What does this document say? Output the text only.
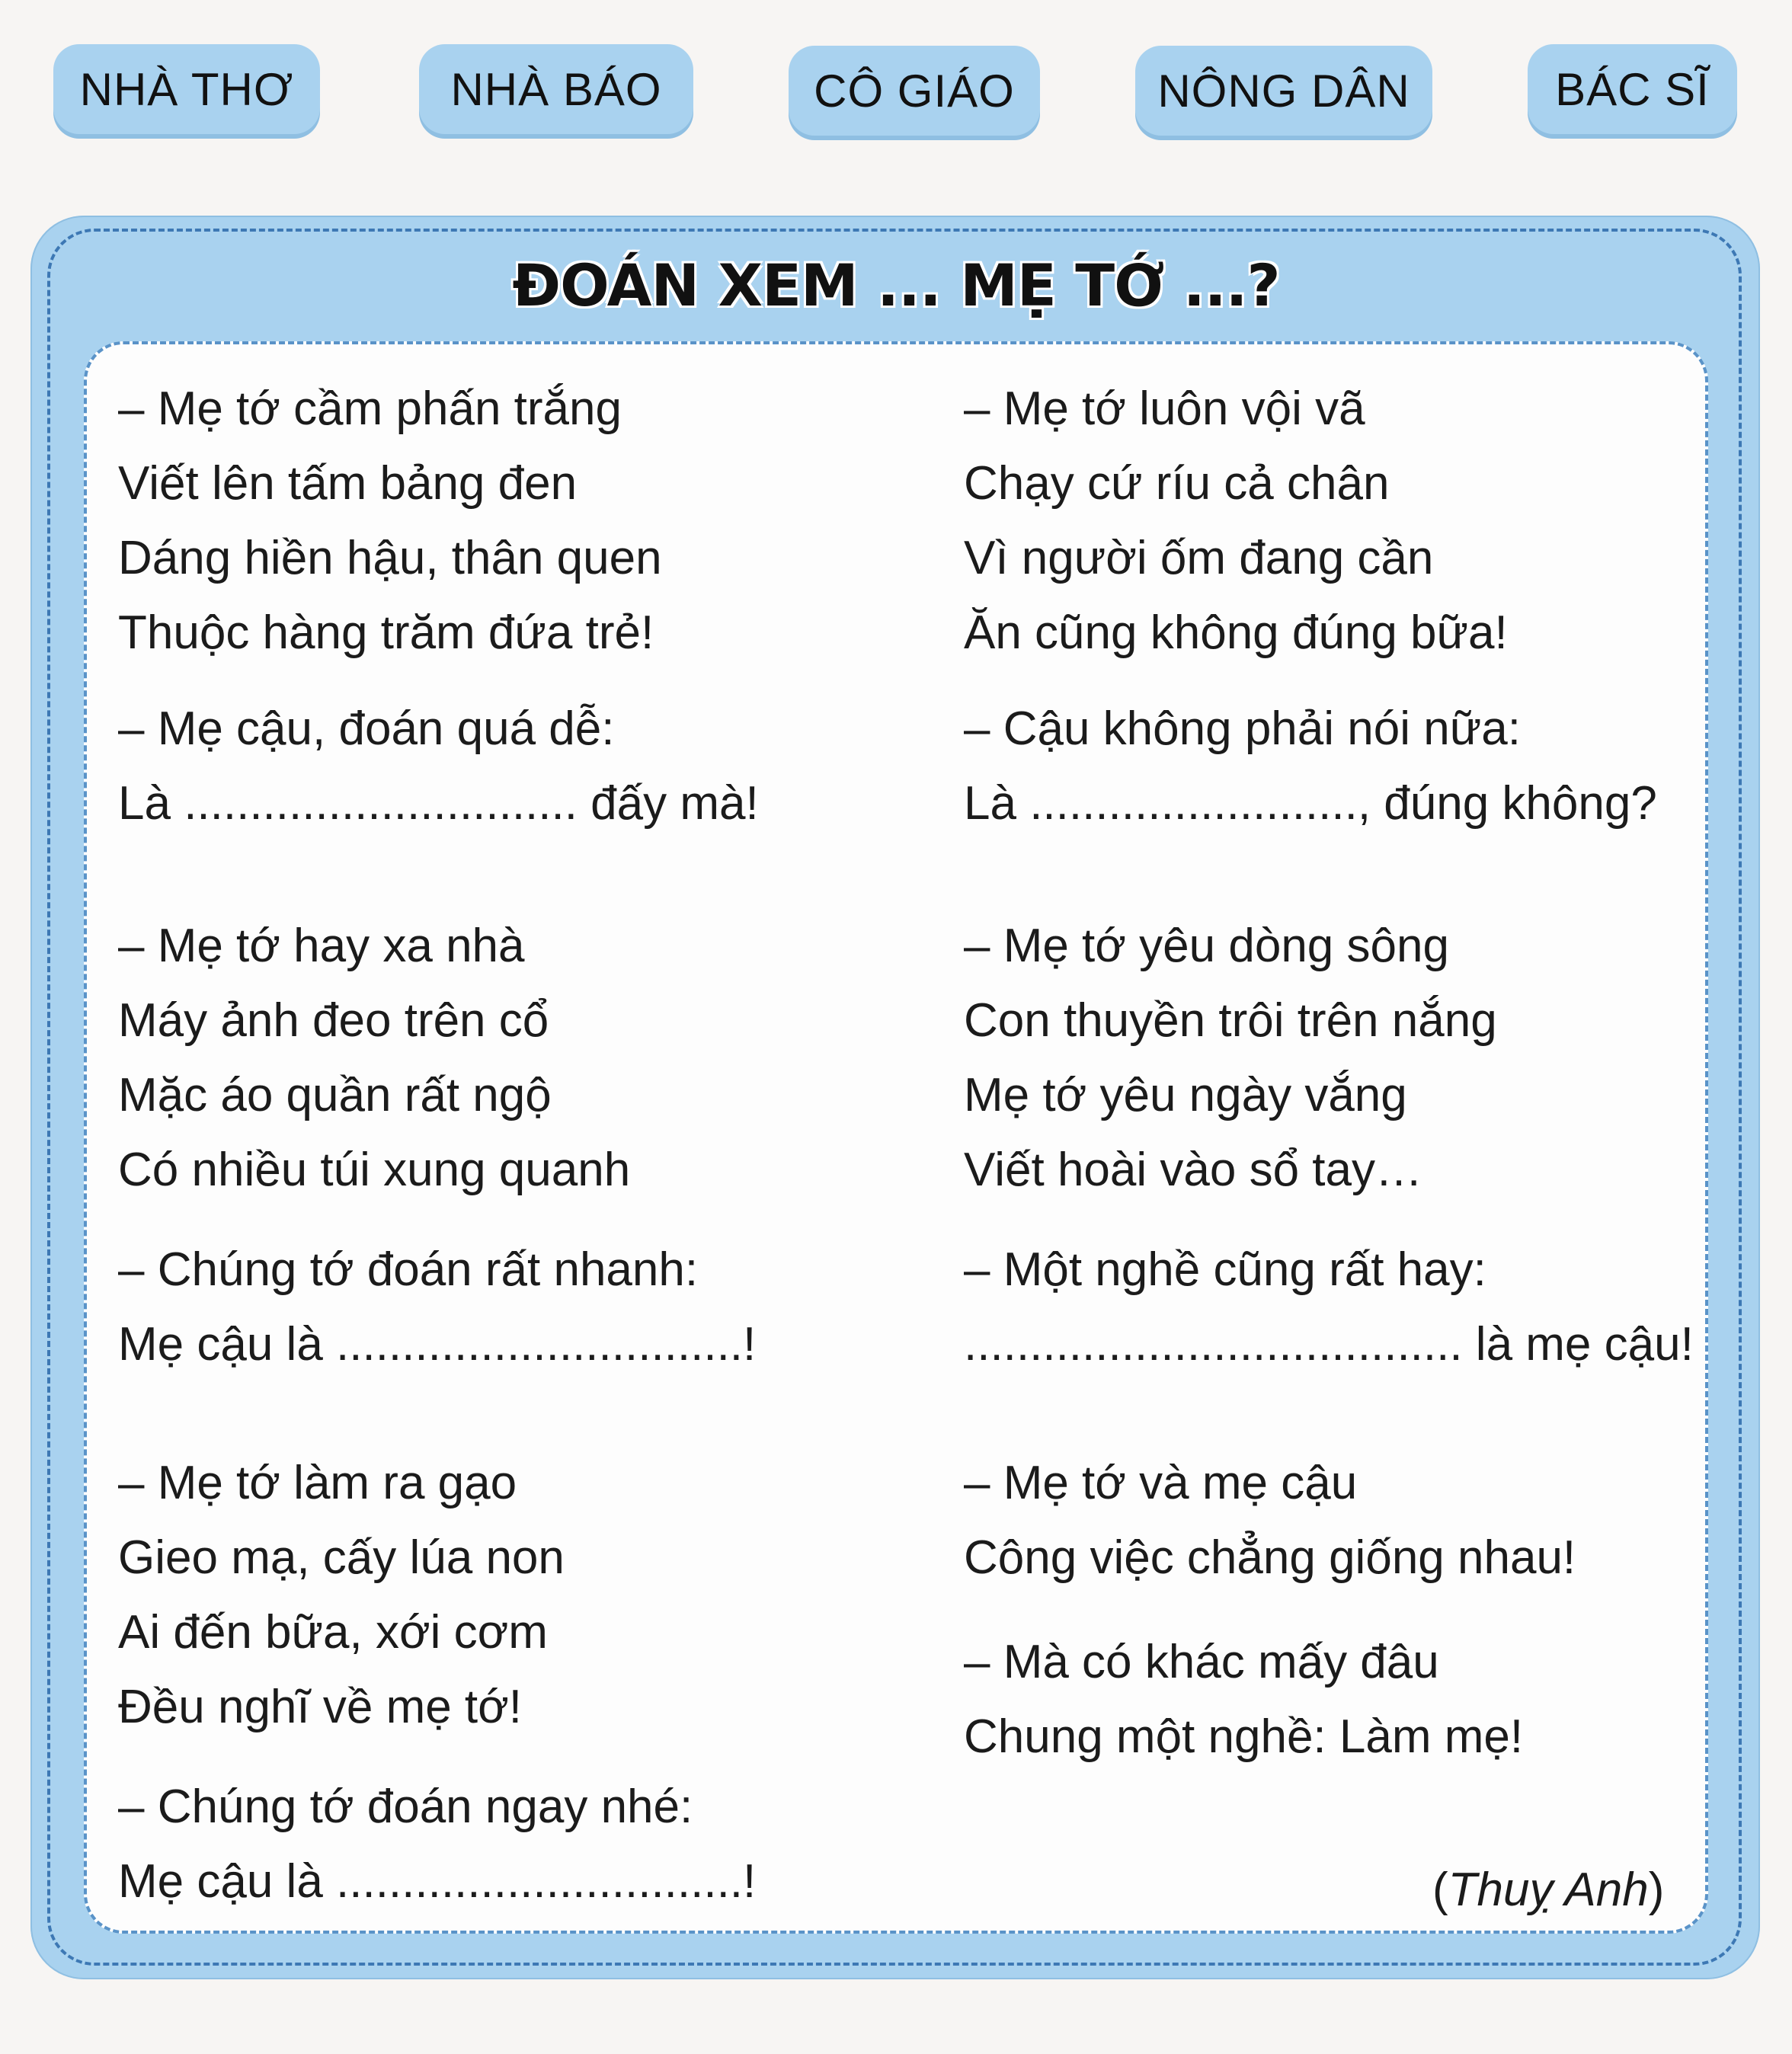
NHÀ THƠ	NHÀ BÁO	CÔ GIÁO	NÔNG DÂN	BÁC SĨ
ĐOÁN XEM ... MẸ TỚ ...?
– Mẹ tớ cầm phấn trắng
Viết lên tấm bảng đen
Dáng hiền hậu, thân quen
Thuộc hàng trăm đứa trẻ!
– Mẹ cậu, đoán quá dễ:
Là .............................. đấy mà!
– Mẹ tớ hay xa nhà
Máy ảnh đeo trên cổ
Mặc áo quần rất ngộ
Có nhiều túi xung quanh
– Chúng tớ đoán rất nhanh:
Mẹ cậu là ...............................!
– Mẹ tớ làm ra gạo
Gieo mạ, cấy lúa non
Ai đến bữa, xới cơm
Đều nghĩ về mẹ tớ!
– Chúng tớ đoán ngay nhé:
Mẹ cậu là ...............................!
– Mẹ tớ luôn vội vã
Chạy cứ ríu cả chân
Vì người ốm đang cần
Ăn cũng không đúng bữa!
– Cậu không phải nói nữa:
Là ........................., đúng không?
– Mẹ tớ yêu dòng sông
Con thuyền trôi trên nắng
Mẹ tớ yêu ngày vắng
Viết hoài vào sổ tay…
– Một nghề cũng rất hay:
...................................... là mẹ cậu!
– Mẹ tớ và mẹ cậu
Công việc chẳng giống nhau!
– Mà có khác mấy đâu
Chung một nghề: Làm mẹ!
(Thuỵ Anh)
